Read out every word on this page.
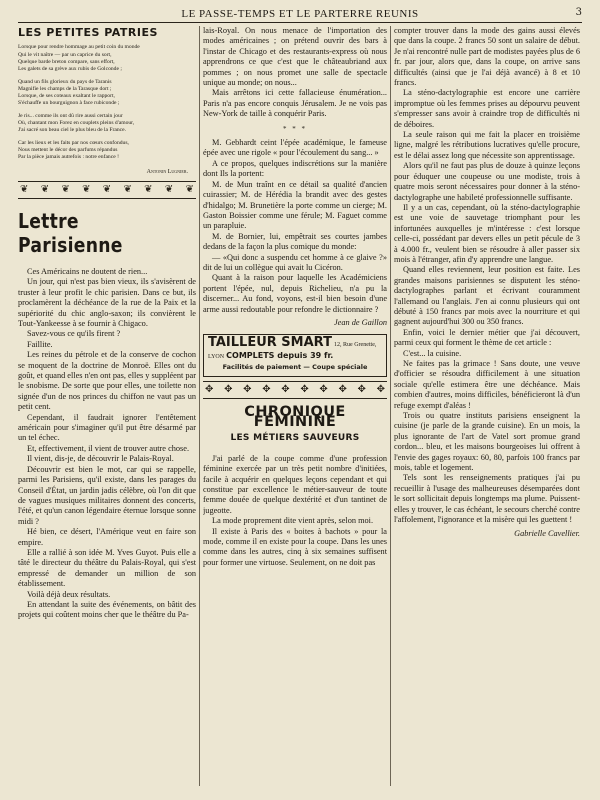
LE PASSE-TEMPS ET LE PARTERRE REUNIS	3
LES PETITES PATRIES
Lorsque pour rendre hommage au petit coin du monde
Qui le vit naître — par un caprice du sort,
Quelque barde breton compare, sans effort,
Les galets de sa grève aux rubis de Golconde ;
Quand un fils glorieux du pays de Taranis
Magnifie les champs de la Tarasque dort ;
Lorsque, de ses coteaux exaltant le rapport,
S'échauffe un bourguignon à face rubiconde ;
Je ris... comme ils ont dû rire aussi certain jour
Où, chantant mon Forez en couplets pleins d'amour,
J'ai sacré son beau ciel le plus bleu de la France.
Car les lieux et les faits par nos cœurs confondus,
Nous mettent le décor des parfums répandus
Par la pièce jamais autrefois : notre enfance !
Antonin Lugnier.
❦ ❦ ❦ ❦ ❦ ❦ ❦ ❦ ❦
Lettre Parisienne

Ces Américains ne doutent de rien...

Un jour, qui n'est pas bien vieux, ils s'avisèrent de truster à leur profit le chic parisien. Dans ce but, ils proclamèrent la déchéance de la rue de la Paix et la supériorité du chic anglo-saxon; ils convièrent le Tout-Yankeesse à se fournir à Chigaco.

Savez-vous ce qu'ils firent ?

Faillite.

Les reines du pétrole et de la conserve de cochon se moquent de la doctrine de Monroë. Elles ont du goût, et quand elles n'en ont pas, elles y suppléent par le snobisme. De sorte que pour elles, une toilette non signée d'un de nos princes du chiffon ne vaut pas un petit cent.

Cependant, il faudrait ignorer l'entêtement américain pour s'imaginer qu'il put être désarmé par un tel échec.

Et, effectivement, il vient de trouver autre chose.

Il vient, dis-je, de découvrir le Palais-Royal.

Découvrir est bien le mot, car qui se rappelle, parmi les Parisiens, qu'il existe, dans les parages du Conseil d'État, un jardin jadis célèbre, où l'on dit que de vagues musiques militaires donnent des concerts, l'été, et qu'un canon légendaire éternue lorsque sonne midi ?

Hé bien, ce désert, l'Amérique veut en faire son empire.

Elle a rallié à son idée M. Yves Guyot. Puis elle a tâté le directeur du théâtre du Palais-Royal, qui s'est empressé de demander un million de son établissement.

Voilà déjà deux résultats.

En attendant la suite des événements, on bâtit des projets qui coûtent moins cher que le théâtre du Pa-

lais-Royal. On nous menace de l'importation des modes américaines ; on prétend ouvrir des bars à l'instar de Chicago et des restaurants-express où nous apprendrons ce que c'est que le châteaubriand aux pommes ; on nous promet une salle de spectacle unique au monde; on nous...

Mais arrêtons ici cette fallacieuse énumération... Paris n'a pas encore conquis Jérusalem. Je ne vois pas New-York de taille à conquérir Paris.

* * *

M. Gebhardt ceint l'épée académique, le fameuse épée avec une rigole « pour l'écoulement du sang... »

A ce propos, quelques indiscrétions sur la manière dont Ils la portent:

M. de Mun traînt en ce détail sa qualité d'ancien cuirassier; M. de Hérédia la brandit avec des gestes d'hidalgo; M. Brunetière la porte comme un cierge; M. Gaston Boissier comme une férule; M. Faguet comme un parapluie.

M. de Bornier, lui, empêtrait ses courtes jambes dedans de la façon la plus comique du monde:

— «Qui donc a suspendu cet homme à ce glaive ?» dit de lui un collègue qui avait lu Cicéron.

Quant à la raison pour laquelle les Académiciens portent l'épée, nul, depuis Richelieu, n'a pu la discerner... Au fond, voyons, est-il bien besoin d'une arme aussi redoutable pour refondre le dictionnaire ?

Jean de Gaillon
TAILLEUR SMART 12, Rue Grenette, LYON COMPLETS depuis 39 fr.
Facilités de paiement — Coupe spéciale
✥ ✥ ✥ ✥ ✥ ✥ ✥ ✥ ✥ ✥
CHRONIQUE FÉMININE
LES MÉTIERS SAUVEURS

J'ai parlé de la coupe comme d'une profession féminine exercée par un très petit nombre d'initiées, facile à acquérir en quelques leçons cependant et qui constitue par excellence le métier-sauveur de toute femme douée de quelque dextérité et d'un tantinet de jugeotte.

La mode proprement dite vient après, selon moi.

Il existe à Paris des « boites à bachots » pour la mode, comme il en existe pour la coupe. Dans les unes comme dans les autres, cinq à six semaines suffisent pour former une virtuose. Seulement, on ne doit pas

compter trouver dans la mode des gains aussi élevés que dans la coupe. 2 francs 50 sont un salaire de début. Je n'ai rencontré nulle part de modistes payées plus de 6 fr. par jour, alors que, dans la coupe, on arrive sans difficultés (ainsi que je l'ai déjà avancé) à 8 et 10 francs.

La sténo-dactylographie est encore une carrière impromptue où les femmes prises au dépourvu peuvent s'empresser sans avoir à craindre trop de difficultés ni de déboires.

La seule raison qui me fait la placer en troisième ligne, malgré les rétributions lucratives qu'elle procure, est le délai assez long que nécessite son apprentissage.

Alors qu'il ne faut pas plus de douze à quinze leçons pour éduquer une coupeuse ou une modiste, trois à quatre mois seront nécessaires pour donner à la sténo-dactylographe une habileté professionnelle suffisante.

Il y a un cas, cependant, où la sténo-dactylographie est une voie de sauvetage triomphant pour les infortunées auxquelles je m'intéresse : c'est lorsque celle-ci, possédant par devers elles un petit pécule de 3 à 4.000 fr., veulent bien se résoudre à aller passer six mois à l'étranger, afin d'y apprendre une langue.

Quand elles reviennent, leur position est faite. Les grandes maisons parisiennes se disputent les sténo-dactylographes parlant et écrivant couramment l'allemand ou l'anglais. J'en ai connu plusieurs qui ont débuté à 150 francs par mois avec la nourriture et qui gagnent aujourd'hui 300 ou 350 francs.

Enfin, voici le dernier métier que j'ai découvert, parmi ceux qui forment le thème de cet article :

C'est... la cuisine.

Ne faites pas la grimace ! Sans doute, une veuve d'officier se résoudra difficilement à une situation sociale qu'elle estimera être une déchéance. Mais combien d'autres, moins difficiles, bénéficieront là d'un refuge exempt d'aléas !

Trois ou quatre instituts parisiens enseignent la cuisine (je parle de la grande cuisine). En un mois, la plus ignorante de l'art de Vatel sort promue grand cordon... bleu, et les maisons bourgeoises lui offrent à l'envie des gages royaux: 60, 80, parfois 100 francs par mois, table et logement.

Tels sont les renseignements pratiques j'ai pu recueillir à l'usage des malheureuses désemparées dont le sort sollicitait depuis longtemps ma plume. Puissent-elles y trouver, le cas échéant, le secours cherché contre l'affolement, l'ignorance et la misère qui les guettent !

Gabrielle Cavellier.
